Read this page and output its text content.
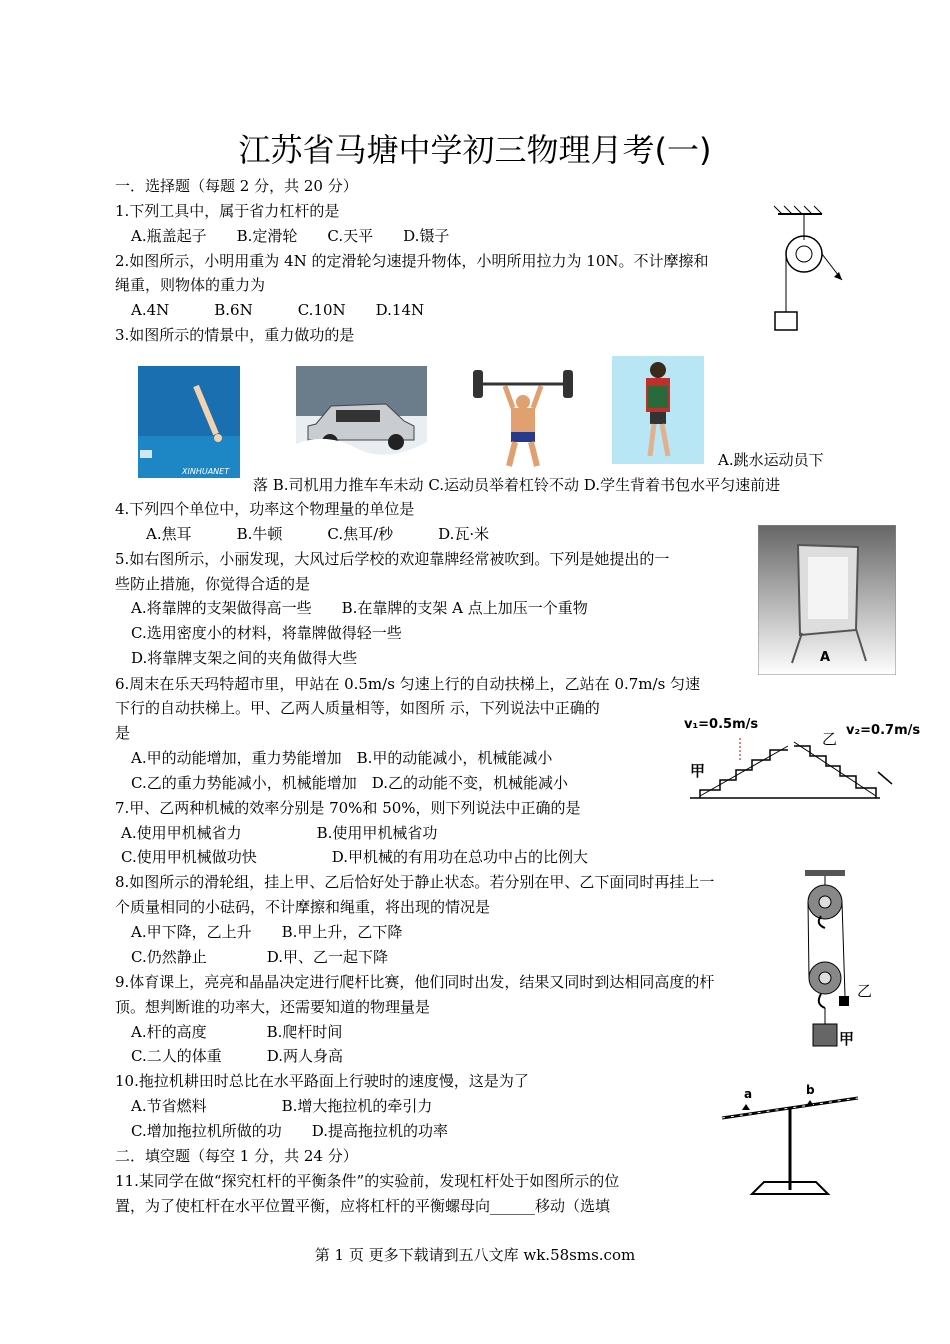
江苏省马塘中学初三物理月考(一)
一．选择题（每题 2 分，共 20 分）
1.下列工具中，属于省力杠杆的是
A.瓶盖起子　　B.定滑轮　　C.天平　　D.镊子
2.如图所示，小明用重为 4N 的定滑轮匀速提升物体，小明所用拉力为 10N。不计摩擦和
绳重，则物体的重力为
A.4N　　　B.6N　　　C.10N　　D.14N
3.如图所示的情景中，重力做功的是
A.跳水运动员下
落 B.司机用力推车车未动 C.运动员举着杠铃不动 D.学生背着书包水平匀速前进
4.下列四个单位中，功率这个物理量的单位是
A.焦耳　　　B.牛顿　　　C.焦耳/秒　　　D.瓦·米
5.如右图所示，小丽发现，大风过后学校的欢迎靠牌经常被吹到。下列是她提出的一
些防止措施，你觉得合适的是
A.将靠牌的支架做得高一些　　B.在靠牌的支架 A 点上加压一个重物
C.选用密度小的材料，将靠牌做得轻一些
D.将靠牌支架之间的夹角做得大些
6.周末在乐天玛特超市里，甲站在 0.5m/s 匀速上行的自动扶梯上，乙站在 0.7m/s 匀速
下行的自动扶梯上。甲、乙两人质量相等，如图所 示，下列说法中正确的
是
A.甲的动能增加，重力势能增加　B.甲的动能减小，机械能减小
C.乙的重力势能减小，机械能增加　D.乙的动能不变，机械能减小
7.甲、乙两种机械的效率分别是 70%和 50%，则下列说法中正确的是
A.使用甲机械省力　　　　　B.使用甲机械省功
C.使用甲机械做功快　　　　　D.甲机械的有用功在总功中占的比例大
8.如图所示的滑轮组，挂上甲、乙后恰好处于静止状态。若分别在甲、乙下面同时再挂上一
个质量相同的小砝码，不计摩擦和绳重，将出现的情况是
A.甲下降，乙上升　　B.甲上升，乙下降
C.仍然静止　　　　D.甲、乙一起下降
9.体育课上，亮亮和晶晶决定进行爬杆比赛，他们同时出发，结果又同时到达相同高度的杆
顶。想判断谁的功率大，还需要知道的物理量是
A.杆的高度　　　　B.爬杆时间
C.二人的体重　　　D.两人身高
10.拖拉机耕田时总比在水平路面上行驶时的速度慢，这是为了
A.节省燃料　　　　　B.增大拖拉机的牵引力
C.增加拖拉机所做的功　　D.提高拖拉机的功率
二．填空题（每空 1 分，共 24 分）
11.某同学在做“探究杠杆的平衡条件”的实验前，发现杠杆处于如图所示的位
置，为了使杠杆在水平位置平衡，应将杠杆的平衡螺母向______移动（选填
XINHUANET
A
v₁=0.5m/s	v₂=0.7m/s
乙
甲
乙
甲
a	b
第 1 页 更多下载请到五八文库 wk.58sms.com
